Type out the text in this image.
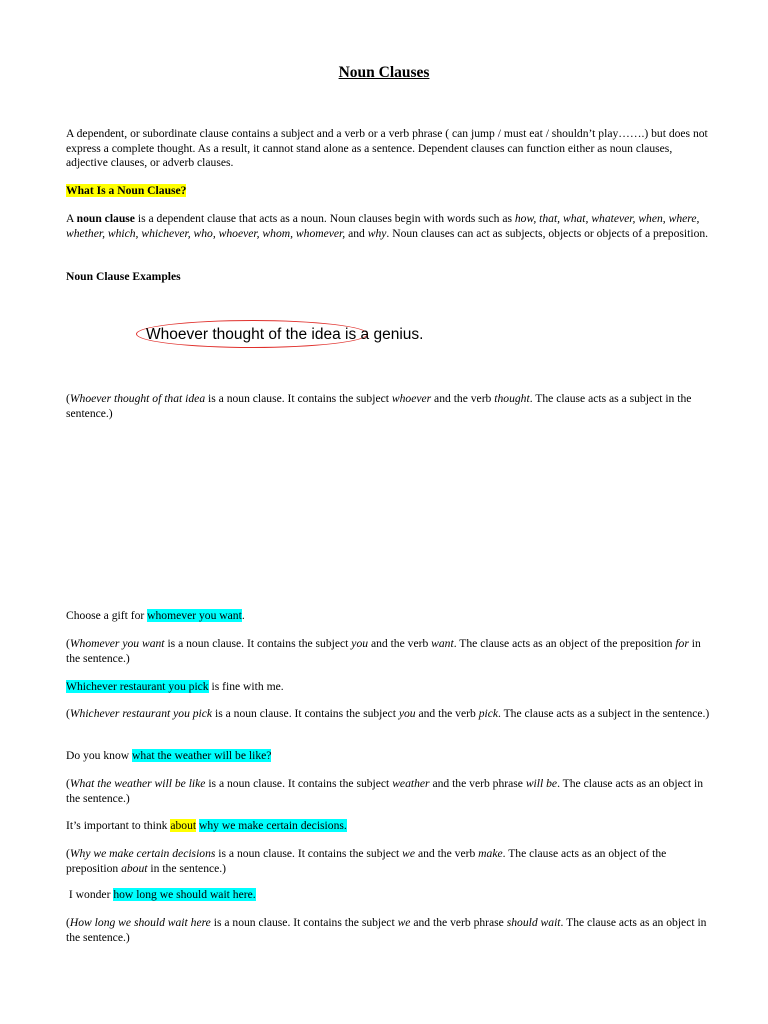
Noun Clauses

A dependent, or subordinate clause contains a subject and a verb or a verb phrase ( can jump / must eat / shouldn’t play…….) but does not express a complete thought. As a result, it cannot stand alone as a sentence. Dependent clauses can function either as noun clauses, adjective clauses, or adverb clauses.

What Is a Noun Clause?

A noun clause is a dependent clause that acts as a noun. Noun clauses begin with words such as how, that, what, whatever, when, where, whether, which, whichever, who, whoever, whom, whomever, and why. Noun clauses can act as subjects, objects or objects of a preposition.

Noun Clause Examples

Whoever thought of the idea is a genius.

(Whoever thought of that idea is a noun clause. It contains the subject whoever and the verb thought. The clause acts as a subject in the sentence.)

Choose a gift for whomever you want.

(Whomever you want is a noun clause. It contains the subject you and the verb want. The clause acts as an object of the preposition for in the sentence.)

Whichever restaurant you pick is fine with me.

(Whichever restaurant you pick is a noun clause. It contains the subject you and the verb pick. The clause acts as a subject in the sentence.)

Do you know what the weather will be like?

(What the weather will be like is a noun clause. It contains the subject weather and the verb phrase will be. The clause acts as an object in the sentence.)

It’s important to think about why we make certain decisions.

(Why we make certain decisions is a noun clause. It contains the subject we and the verb make. The clause acts as an object of the preposition about in the sentence.)

I wonder how long we should wait here.

(How long we should wait here is a noun clause. It contains the subject we and the verb phrase should wait. The clause acts as an object in the sentence.)
